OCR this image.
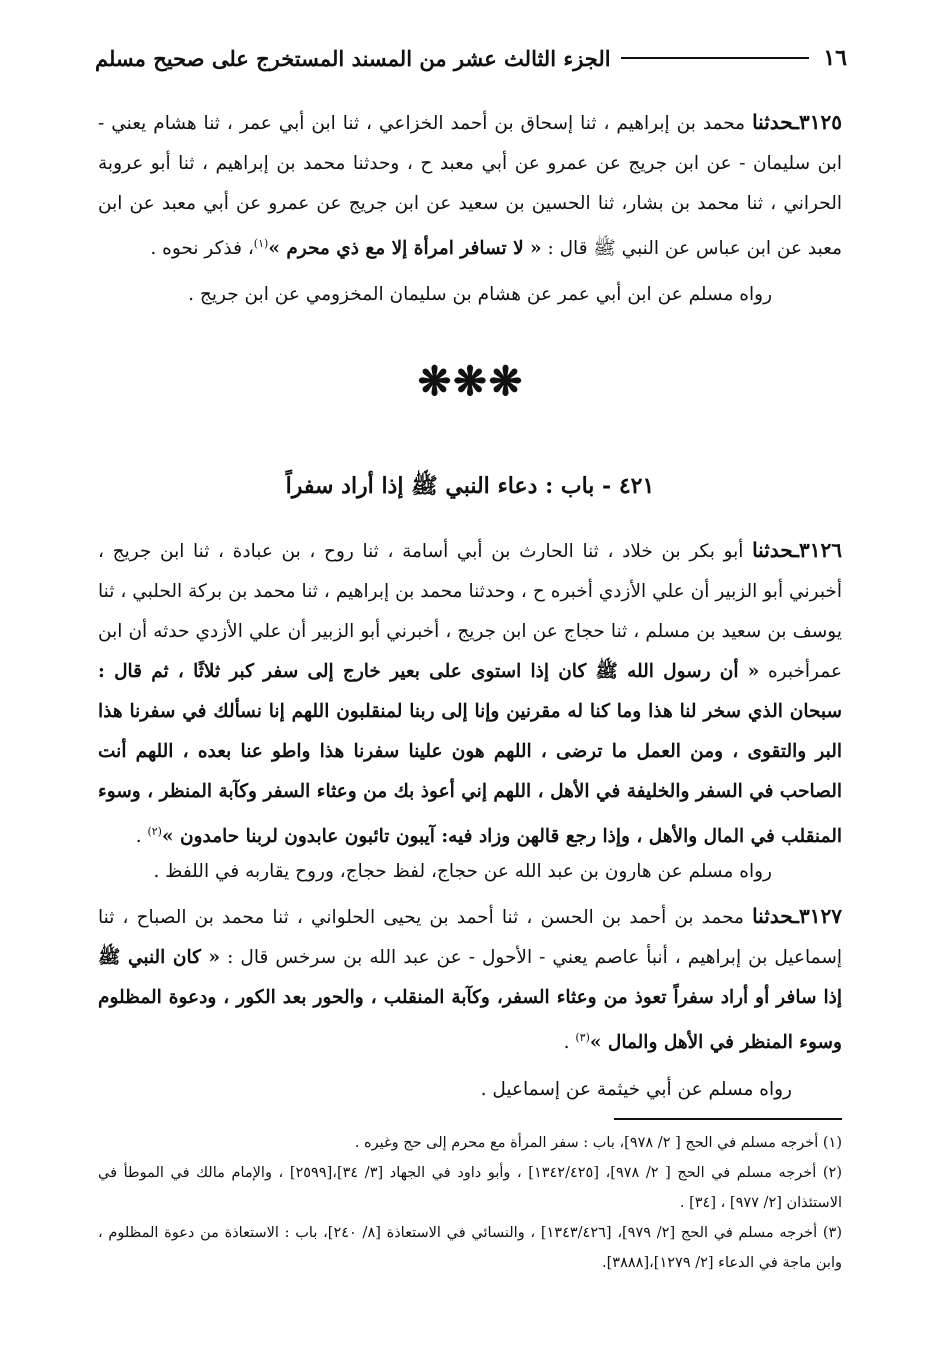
١٦
الجزء الثالث عشر من المسند المستخرج على صحيح مسلم
٣١٢٥ـحدثنا محمد بن إبراهيم ، ثنا إسحاق بن أحمد الخزاعي ، ثنا ابن أبي عمر ، ثنا هشام يعني - ابن سليمان - عن ابن جريج عن عمرو عن أبي معبد ح ، وحدثنا محمد بن إبراهيم ، ثنا أبو عروبة الحراني ، ثنا محمد بن بشار، ثنا الحسين بن سعيد عن ابن جريج عن عمرو عن أبي معبد عن ابن معبد عن ابن عباس عن النبي ﷺ قال : « لا تسافر امرأة إلا مع ذي محرم »$^{(١)}$، فذكر نحوه .
رواه مسلم عن ابن أبي عمر عن هشام بن سليمان المخزومي عن ابن جريج .
❋❋❋
٤٢١ - باب : دعاء النبي ﷺ إذا أراد سفراً
٣١٢٦ـحدثنا أبو بكر بن خلاد ، ثنا الحارث بن أبي أسامة ، ثنا روح ، بن عبادة ، ثنا ابن جريج ، أخبرني أبو الزبير أن علي الأزدي أخبره ح ، وحدثنا محمد بن إبراهيم ، ثنا محمد بن بركة الحلبي ، ثنا يوسف بن سعيد بن مسلم ، ثنا حجاج عن ابن جريج ، أخبرني أبو الزبير أن علي الأزدي حدثه أن ابن عمرأخبره « أن رسول الله ﷺ كان إذا استوى على بعير خارج إلى سفر كبر ثلاثًا ، ثم قال : سبحان الذي سخر لنا هذا وما كنا له مقرنين وإنا إلى ربنا لمنقلبون اللهم إنا نسألك في سفرنا هذا البر والتقوى ، ومن العمل ما ترضى ، اللهم هون علينا سفرنا هذا واطو عنا بعده ، اللهم أنت الصاحب في السفر والخليفة في الأهل ، اللهم إني أعوذ بك من وعثاء السفر وكآبة المنظر ، وسوء المنقلب في المال والأهل ، وإذا رجع قالهن وزاد فيه: آيبون تائبون عابدون لربنا حامدون »$^{(٢)}$ .
رواه مسلم عن هارون بن عبد الله عن حجاج، لفظ حجاج، وروح يقاربه في اللفظ .
٣١٢٧ـحدثنا محمد بن أحمد بن الحسن ، ثنا أحمد بن يحيى الحلواني ، ثنا محمد بن الصباح ، ثنا إسماعيل بن إبراهيم ، أنبأ عاصم يعني - الأحول - عن عبد الله بن سرخس قال : « كان النبي ﷺ إذا سافر أو أراد سفراً تعوذ من وعثاء السفر، وكآبة المنقلب ، والحور بعد الكور ، ودعوة المظلوم وسوء المنظر في الأهل والمال »$^{(٣)}$ .
رواه مسلم عن أبي خيثمة عن إسماعيل .

(١) أخرجه مسلم في الحج [ ٢/ ٩٧٨]، باب : سفر المرأة مع محرم إلى حج وغيره .

(٢) أخرجه مسلم في الحج [ ٢/ ٩٧٨]، [١٣٤٢/٤٢٥] ، وأبو داود في الجهاد [٣/ ٣٤]،[٢٥٩٩] ، والإمام مالك في الموطأ في الاستئذان [٢/ ٩٧٧] ، [٣٤] .

(٣) أخرجه مسلم في الحج [٢/ ٩٧٩]، [١٣٤٣/٤٢٦] ، والنسائي في الاستعاذة [٨/ ٢٤٠]، باب : الاستعاذة من دعوة المظلوم ، وابن ماجة في الدعاء [٢/ ١٢٧٩]،[٣٨٨٨].
